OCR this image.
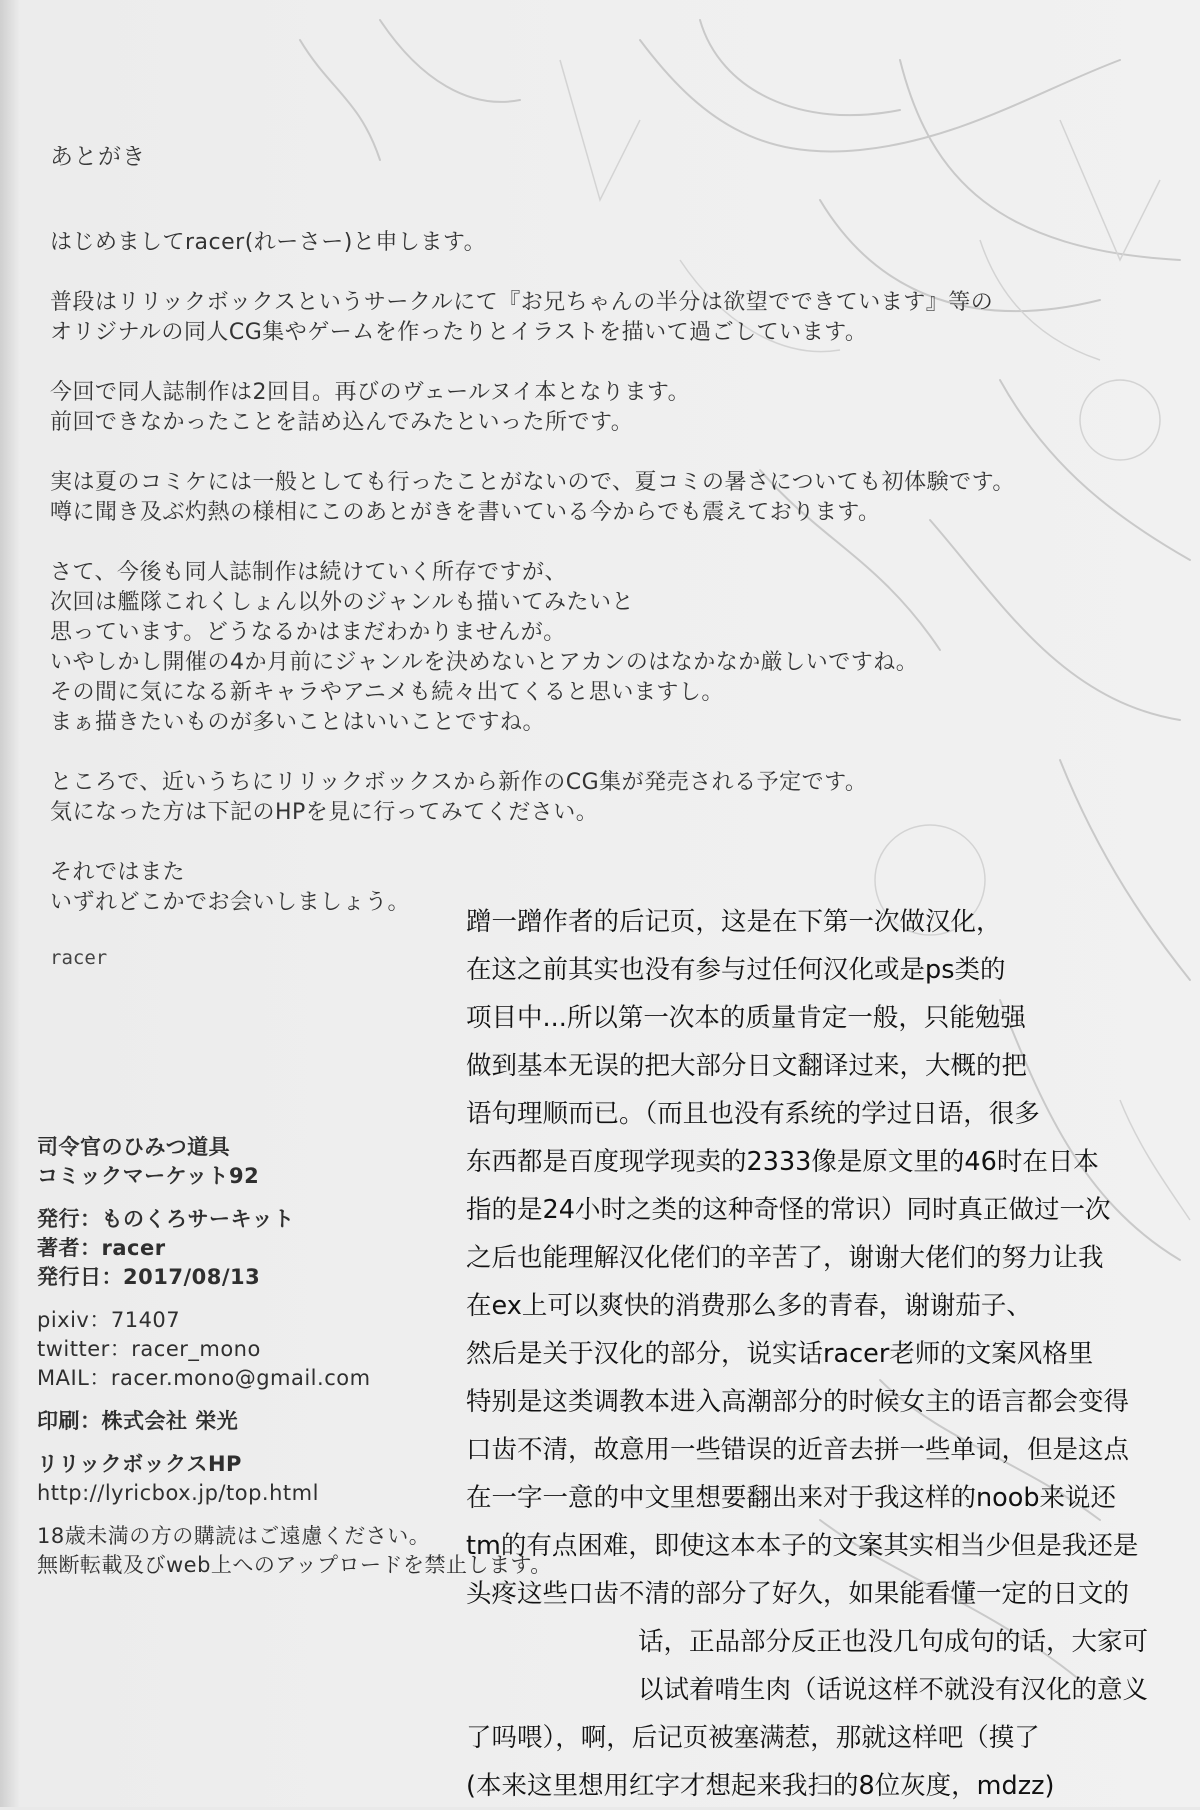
あとがき
はじめましてracer(れーさー)と申します。
普段はリリックボックスというサークルにて『お兄ちゃんの半分は欲望でできています』等の
オリジナルの同人CG集やゲームを作ったりとイラストを描いて過ごしています。
今回で同人誌制作は2回目。再びのヴェールヌイ本となります。
前回できなかったことを詰め込んでみたといった所です。
実は夏のコミケには一般としても行ったことがないので、夏コミの暑さについても初体験です。
噂に聞き及ぶ灼熱の様相にこのあとがきを書いている今からでも震えております。
さて、今後も同人誌制作は続けていく所存ですが、
次回は艦隊これくしょん以外のジャンルも描いてみたいと
思っています。どうなるかはまだわかりませんが。
いやしかし開催の4か月前にジャンルを決めないとアカンのはなかなか厳しいですね。
その間に気になる新キャラやアニメも続々出てくると思いますし。
まぁ描きたいものが多いことはいいことですね。
ところで、近いうちにリリックボックスから新作のCG集が発売される予定です。
気になった方は下記のHPを見に行ってみてください。
それではまた
いずれどこかでお会いしましょう。
racer
司令官のひみつ道具
コミックマーケット92
発行：ものくろサーキット
著者：racer
発行日：2017/08/13
pixiv：71407
twitter：racer_mono
MAIL：racer.mono@gmail.com
印刷：株式会社 栄光
リリックボックスHP
http://lyricbox.jp/top.html
18歳未満の方の購読はご遠慮ください。
無断転載及びweb上へのアップロードを禁止します。
蹭一蹭作者的后记页，这是在下第一次做汉化，
在这之前其实也没有参与过任何汉化或是ps类的
项目中...所以第一次本的质量肯定一般，只能勉强
做到基本无误的把大部分日文翻译过来，大概的把
语句理顺而已。（而且也没有系统的学过日语，很多
东西都是百度现学现卖的2333像是原文里的46时在日本
指的是24小时之类的这种奇怪的常识）同时真正做过一次
之后也能理解汉化佬们的辛苦了，谢谢大佬们的努力让我
在ex上可以爽快的消费那么多的青春，谢谢茄子、
然后是关于汉化的部分，说实话racer老师的文案风格里
特别是这类调教本进入高潮部分的时候女主的语言都会变得
口齿不清，故意用一些错误的近音去拼一些单词，但是这点
在一字一意的中文里想要翻出来对于我这样的noob来说还
tm的有点困难，即使这本本子的文案其实相当少但是我还是
头疼这些口齿不清的部分了好久，如果能看懂一定的日文的
话，正品部分反正也没几句成句的话，大家可
以试着啃生肉（话说这样不就没有汉化的意义
了吗喂），啊，后记页被塞满惹，那就这样吧（摸了
(本来这里想用红字才想起来我扫的8位灰度，mdzz)
